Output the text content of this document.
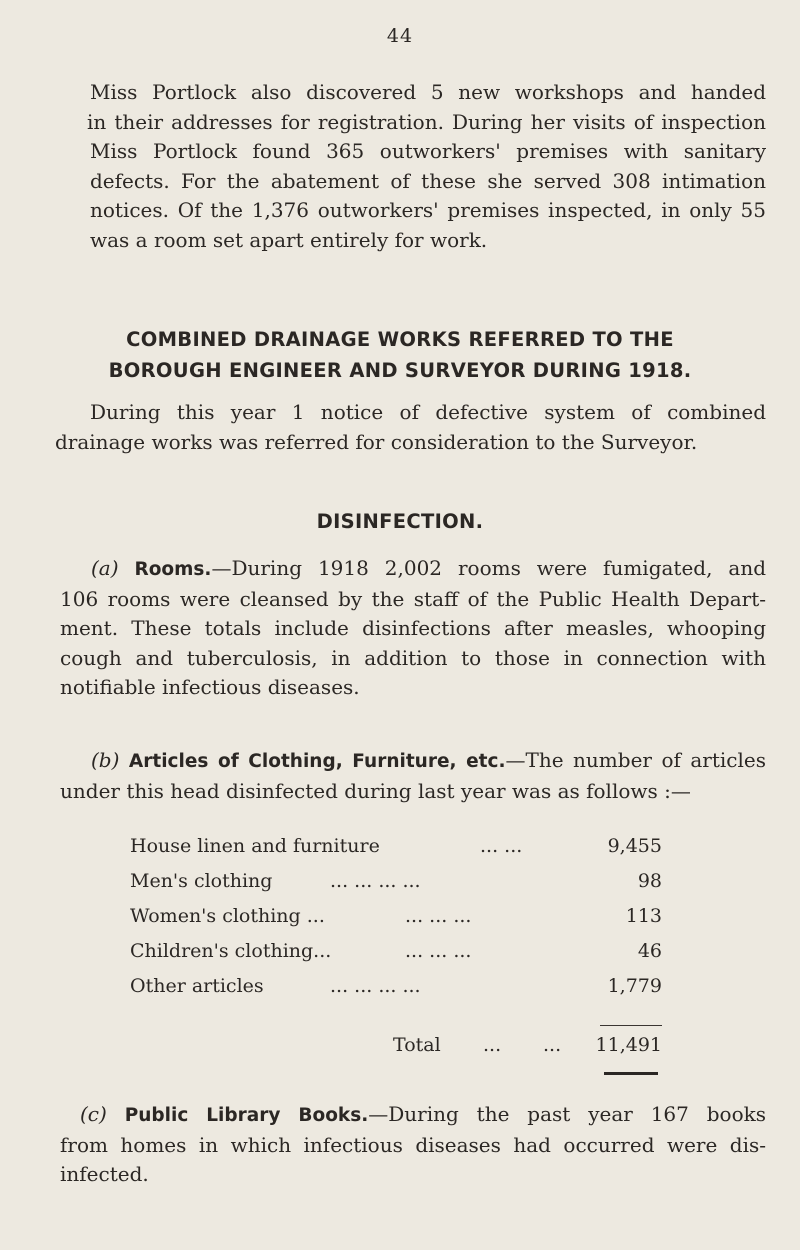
44
Miss Portlock also discovered 5 new workshops and handed
in their addresses for registration. During her visits of inspection
Miss Portlock found 365 outworkers' premises with sanitary
defects. For the abatement of these she served 308 intimation
notices. Of the 1,376 outworkers' premises inspected, in only 55
was a room set apart entirely for work.
COMBINED DRAINAGE WORKS REFERRED TO THE
BOROUGH ENGINEER AND SURVEYOR DURING 1918.
During this year 1 notice of defective system of combined
drainage works was referred for consideration to the Surveyor.
DISINFECTION.
(a) Rooms.—During 1918 2,002 rooms were fumigated, and
106 rooms were cleansed by the staff of the Public Health Depart-
ment. These totals include disinfections after measles, whooping
cough and tuberculosis, in addition to those in connection with
notifiable infectious diseases.
(b) Articles of Clothing, Furniture, etc.—The number of articles
under this head disinfected during last year was as follows :—
House linen and furniture ... ...	9,455
Men's clothing ... ... ... ...	98
Women's clothing ... ... ... ...	113
Children's clothing... ... ... ...	46
Other articles ... ... ... ...	1,779
Total ... ... 11,491
(c) Public Library Books.—During the past year 167 books
from homes in which infectious diseases had occurred were dis-
infected.
